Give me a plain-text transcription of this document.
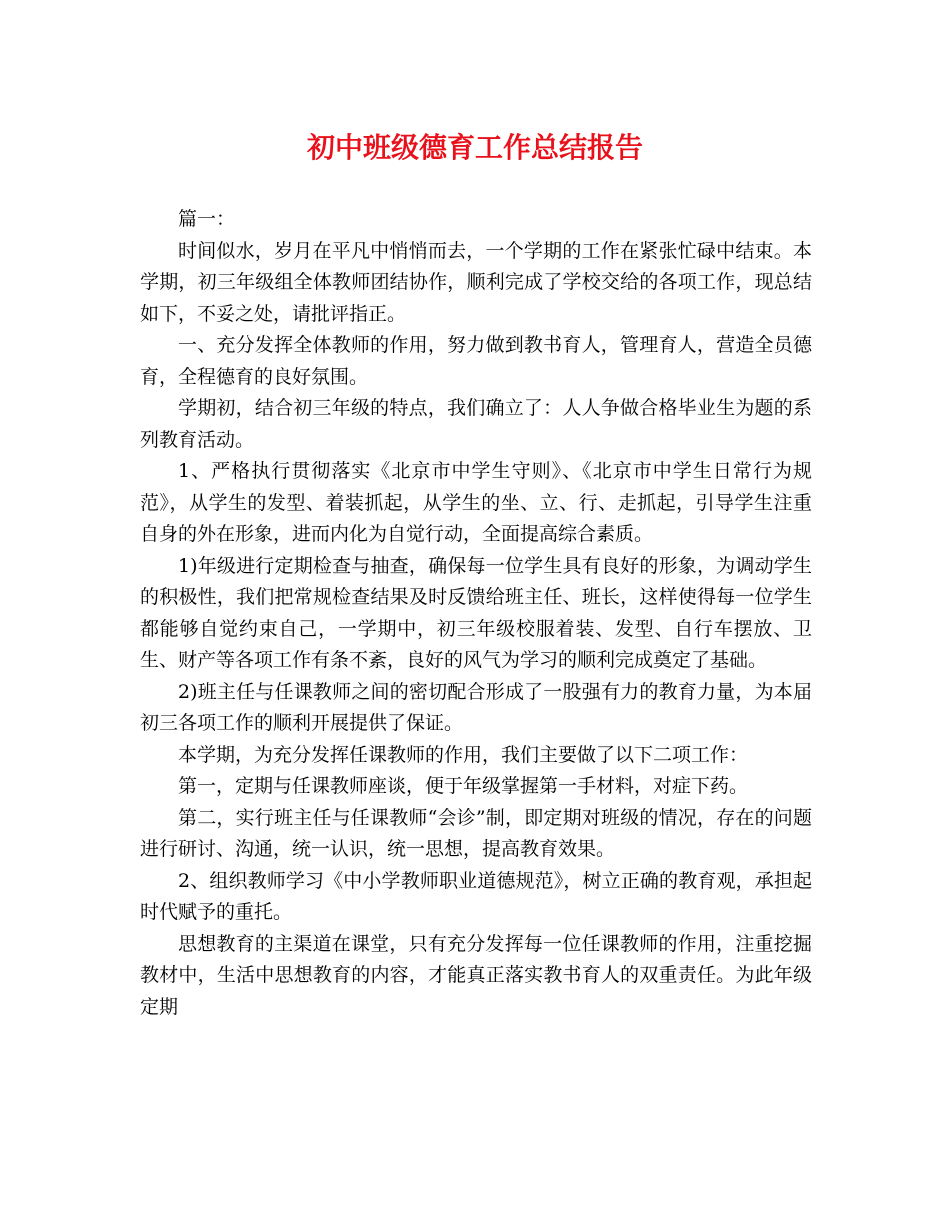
初中班级德育工作总结报告

篇一：

时间似水，岁月在平凡中悄悄而去，一个学期的工作在紧张忙碌中结束。本学期，初三年级组全体教师团结协作，顺利完成了学校交给的各项工作，现总结如下，不妥之处，请批评指正。

一、充分发挥全体教师的作用，努力做到教书育人，管理育人，营造全员德育，全程德育的良好氛围。

学期初，结合初三年级的特点，我们确立了：人人争做合格毕业生为题的系列教育活动。

1、严格执行贯彻落实《北京市中学生守则》、《北京市中学生日常行为规范》，从学生的发型、着装抓起，从学生的坐、立、行、走抓起，引导学生注重自身的外在形象，进而内化为自觉行动，全面提高综合素质。

1)年级进行定期检查与抽查，确保每一位学生具有良好的形象，为调动学生的积极性，我们把常规检查结果及时反馈给班主任、班长，这样使得每一位学生都能够自觉约束自己，一学期中，初三年级校服着装、发型、自行车摆放、卫生、财产等各项工作有条不紊，良好的风气为学习的顺利完成奠定了基础。

2)班主任与任课教师之间的密切配合形成了一股强有力的教育力量，为本届初三各项工作的顺利开展提供了保证。

本学期，为充分发挥任课教师的作用，我们主要做了以下二项工作：

第一，定期与任课教师座谈，便于年级掌握第一手材料，对症下药。

第二，实行班主任与任课教师“会诊”制，即定期对班级的情况，存在的问题进行研讨、沟通，统一认识，统一思想，提高教育效果。

2、组织教师学习《中小学教师职业道德规范》，树立正确的教育观，承担起时代赋予的重托。

思想教育的主渠道在课堂，只有充分发挥每一位任课教师的作用，注重挖掘教材中，生活中思想教育的内容，才能真正落实教书育人的双重责任。为此年级定期
